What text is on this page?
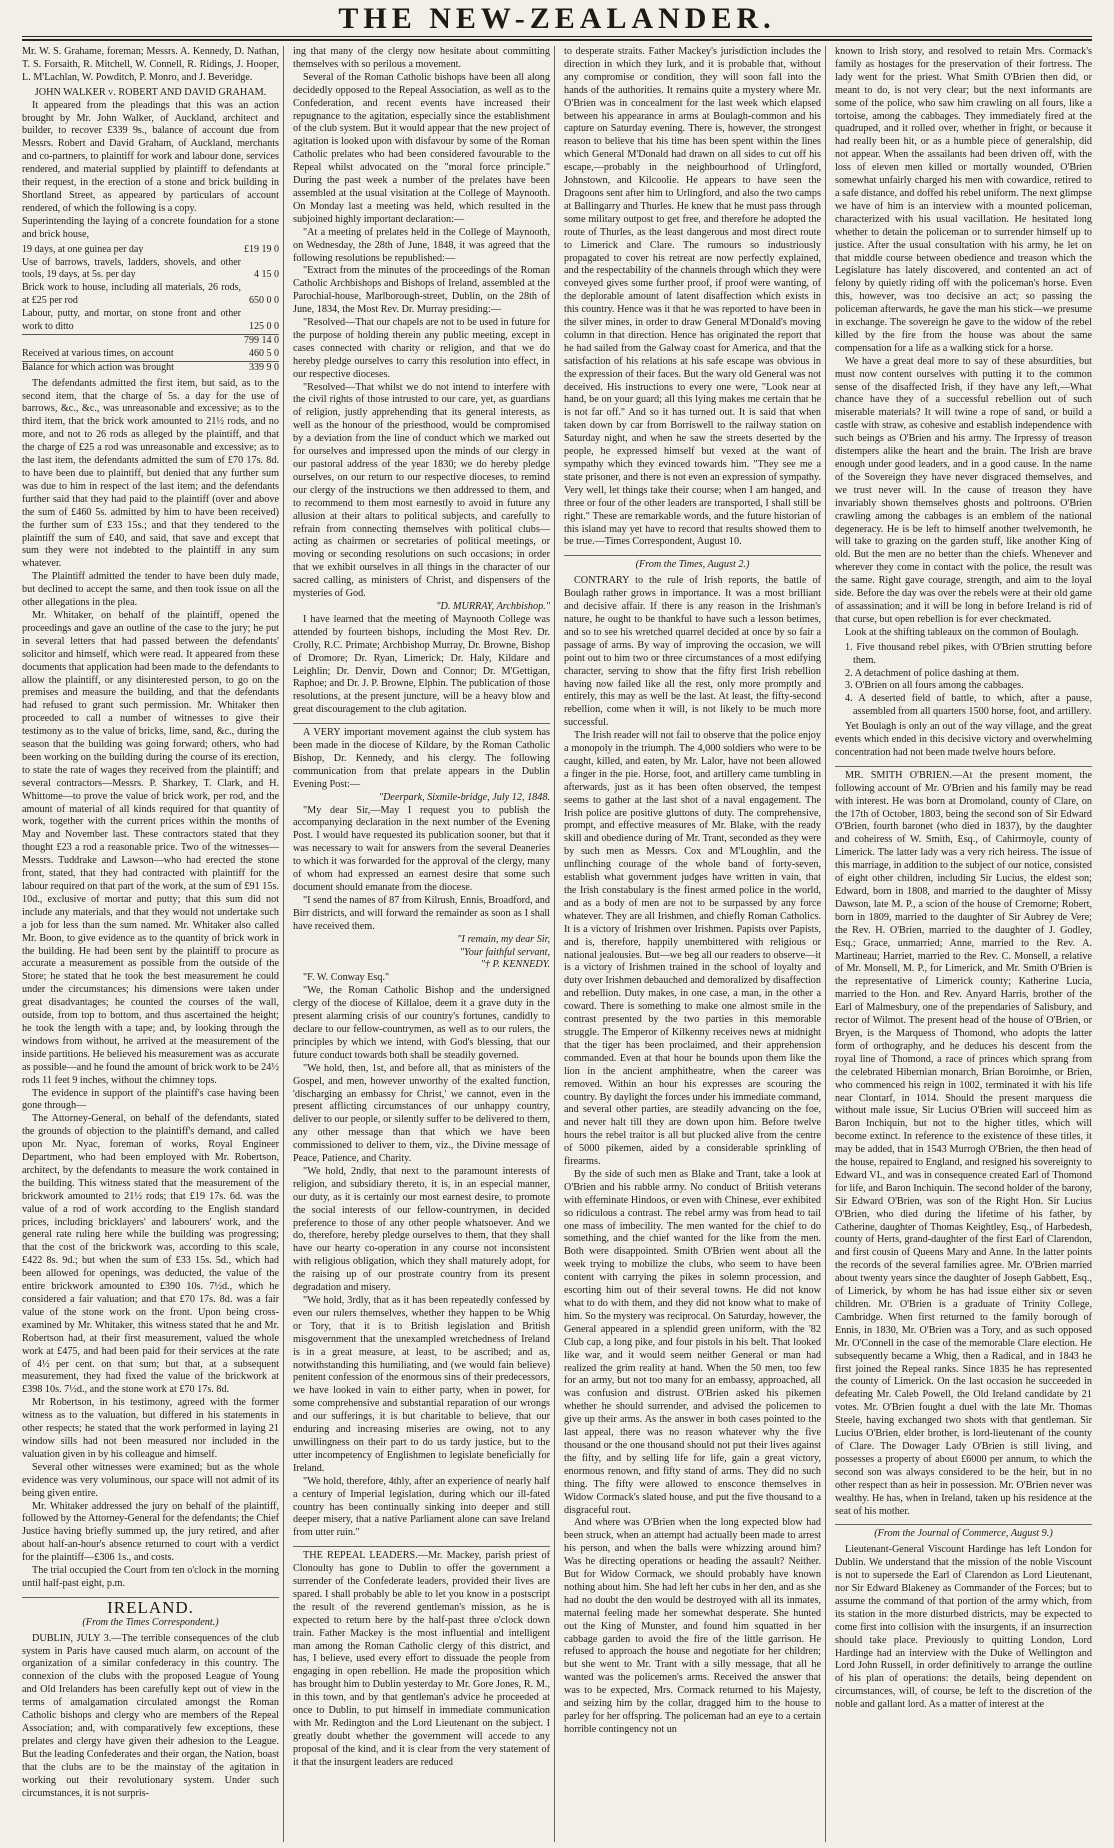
THE NEW-ZEALANDER.

Mr. W. S. Grahame, foreman; Messrs. A. Kennedy, D. Nathan, T. S. Forsaith, R. Mitchell, W. Connell, R. Ridings, J. Hooper, L. M'Lachlan, W. Powditch, P. Monro, and J. Beveridge.

JOHN WALKER v. ROBERT AND DAVID GRAHAM.

It appeared from the pleadings that this was an action brought by Mr. John Walker, of Auckland, architect and builder, to recover £339 9s., balance of account due from Messrs. Robert and David Graham, of Auckland, merchants and co-partners, to plaintiff for work and labour done, services rendered, and material supplied by plaintiff to defendants at their request, in the erection of a stone and brick building in Shortland Street, as appeared by particulars of account rendered, of which the following is a copy.

Superintending the laying of a concrete foundation for a stone and brick house,

19 days, at one guinea per day	£19 19 0
Use of barrows, travels, ladders, shovels, and other tools, 19 days, at 5s. per day	4 15 0
Brick work to house, including all materials, 26 rods, at £25 per rod	650 0 0
Labour, putty, and mortar, on stone front and other work to ditto	125 0 0
	799 14 0
Received at various times, on account	460 5 0
Balance for which action was brought	339 9 0

The defendants admitted the first item, but said, as to the second item, that the charge of 5s. a day for the use of barrows, &c., &c., was unreasonable and excessive; as to the third item, that the brick work amounted to 21½ rods, and no more, and not to 26 rods as alleged by the plaintiff, and that the charge of £25 a rod was unreasonable and excessive; as to the last item, the defendants admitted the sum of £70 17s. 8d. to have been due to plaintiff, but denied that any further sum was due to him in respect of the last item; and the defendants further said that they had paid to the plaintiff (over and above the sum of £460 5s. admitted by him to have been received) the further sum of £33 15s.; and that they tendered to the plaintiff the sum of £40, and said, that save and except that sum they were not indebted to the plaintiff in any sum whatever.

The Plaintiff admitted the tender to have been duly made, but declined to accept the same, and then took issue on all the other allegations in the plea.

Mr. Whitaker, on behalf of the plaintiff, opened the proceedings and gave an outline of the case to the jury; he put in several letters that had passed between the defendants' solicitor and himself, which were read. It appeared from these documents that application had been made to the defendants to allow the plaintiff, or any disinterested person, to go on the premises and measure the building, and that the defendants had refused to grant such permission. Mr. Whitaker then proceeded to call a number of witnesses to give their testimony as to the value of bricks, lime, sand, &c., during the season that the building was going forward; others, who had been working on the building during the course of its erection, to state the rate of wages they received from the plaintiff; and several contractors—Messrs. P. Sharkey, T. Clark, and H. Whittome—to prove the value of brick work, per rod, and the amount of material of all kinds required for that quantity of work, together with the current prices within the months of May and November last. These contractors stated that they thought £23 a rod a reasonable price. Two of the witnesses—Messrs. Tuddrake and Lawson—who had erected the stone front, stated, that they had contracted with plaintiff for the labour required on that part of the work, at the sum of £91 15s. 10d., exclusive of mortar and putty; that this sum did not include any materials, and that they would not undertake such a job for less than the sum named. Mr. Whitaker also called Mr. Boon, to give evidence as to the quantity of brick work in the building. He had been sent by the plaintiff to procure as accurate a measurement as possible from the outside of the Store; he stated that he took the best measurement he could under the circumstances; his dimensions were taken under great disadvantages; he counted the courses of the wall, outside, from top to bottom, and thus ascertained the height; he took the length with a tape; and, by looking through the windows from without, he arrived at the measurement of the inside partitions. He believed his measurement was as accurate as possible—and he found the amount of brick work to be 24½ rods 11 feet 9 inches, without the chimney tops.

The evidence in support of the plaintiff's case having been gone through—

The Attorney-General, on behalf of the defendants, stated the grounds of objection to the plaintiff's demand, and called upon Mr. Nyac, foreman of works, Royal Engineer Department, who had been employed with Mr. Robertson, architect, by the defendants to measure the work contained in the building. This witness stated that the measurement of the brickwork amounted to 21½ rods; that £19 17s. 6d. was the value of a rod of work according to the English standard prices, including bricklayers' and labourers' work, and the general rate ruling here while the building was progressing; that the cost of the brickwork was, according to this scale, £422 8s. 9d.; but when the sum of £33 15s. 5d., which had been allowed for openings, was deducted, the value of the entire brickwork amounted to £390 10s. 7½d., which he considered a fair valuation; and that £70 17s. 8d. was a fair value of the stone work on the front. Upon being cross-examined by Mr. Whitaker, this witness stated that he and Mr. Robertson had, at their first measurement, valued the whole work at £475, and had been paid for their services at the rate of 4½ per cent. on that sum; but that, at a subsequent measurement, they had fixed the value of the brickwork at £398 10s. 7½d., and the stone work at £70 17s. 8d.

Mr Robertson, in his testimony, agreed with the former witness as to the valuation, but differed in his statements in other respects; he stated that the work performed in laying 21 window sills had not been measured nor included in the valuation given in by his colleague and himself.

Several other witnesses were examined; but as the whole evidence was very voluminous, our space will not admit of its being given entire.

Mr. Whitaker addressed the jury on behalf of the plaintiff, followed by the Attorney-General for the defendants; the Chief Justice having briefly summed up, the jury retired, and after about half-an-hour's absence returned to court with a verdict for the plaintiff—£306 1s., and costs.

The trial occupied the Court from ten o'clock in the morning until half-past eight, p.m.

IRELAND.
(From the Times Correspondent.)

DUBLIN, JULY 3.—The terrible consequences of the club system in Paris have caused much alarm, on account of the organization of a similar confederacy in this country. The connexion of the clubs with the proposed League of Young and Old Irelanders has been carefully kept out of view in the terms of amalgamation circulated amongst the Roman Catholic bishops and clergy who are members of the Repeal Association; and, with comparatively few exceptions, these prelates and clergy have given their adhesion to the League. But the leading Confederates and their organ, the Nation, boast that the clubs are to be the mainstay of the agitation in working out their revolutionary system. Under such circumstances, it is not surpris-

ing that many of the clergy now hesitate about committing themselves with so perilous a movement.

Several of the Roman Catholic bishops have been all along decidedly opposed to the Repeal Association, as well as to the Confederation, and recent events have increased their repugnance to the agitation, especially since the establishment of the club system. But it would appear that the new project of agitation is looked upon with disfavour by some of the Roman Catholic prelates who had been considered favourable to the Repeal whilst advocated on the "moral force principle." During the past week a number of the prelates have been assembled at the usual visitation at the College of Maynooth. On Monday last a meeting was held, which resulted in the subjoined highly important declaration:—

"At a meeting of prelates held in the College of Maynooth, on Wednesday, the 28th of June, 1848, it was agreed that the following resolutions be republished:—

"Extract from the minutes of the proceedings of the Roman Catholic Archbishops and Bishops of Ireland, assembled at the Parochial-house, Marlborough-street, Dublin, on the 28th of June, 1834, the Most Rev. Dr. Murray presiding:—

"Resolved—That our chapels are not to be used in future for the purpose of holding therein any public meeting, except in cases connected with charity or religion, and that we do hereby pledge ourselves to carry this resolution into effect, in our respective dioceses.

"Resolved—That whilst we do not intend to interfere with the civil rights of those intrusted to our care, yet, as guardians of religion, justly apprehending that its general interests, as well as the honour of the priesthood, would be compromised by a deviation from the line of conduct which we marked out for ourselves and impressed upon the minds of our clergy in our pastoral address of the year 1830; we do hereby pledge ourselves, on our return to our respective dioceses, to remind our clergy of the instructions we then addressed to them, and to recommend to them most earnestly to avoid in future any allusion at their altars to political subjects, and carefully to refrain from connecting themselves with political clubs—acting as chairmen or secretaries of political meetings, or moving or seconding resolutions on such occasions; in order that we exhibit ourselves in all things in the character of our sacred calling, as ministers of Christ, and dispensers of the mysteries of God.

"D. MURRAY, Archbishop."

I have learned that the meeting of Maynooth College was attended by fourteen bishops, including the Most Rev. Dr. Crolly, R.C. Primate; Archbishop Murray, Dr. Browne, Bishop of Dromore; Dr. Ryan, Limerick; Dr. Haly, Kildare and Leighlin; Dr. Denvir, Down and Connor; Dr. M'Gettigan, Raphoe; and Dr. J. P. Browne, Elphin. The publication of those resolutions, at the present juncture, will be a heavy blow and great discouragement to the club agitation.

A VERY important movement against the club system has been made in the diocese of Kildare, by the Roman Catholic Bishop, Dr. Kennedy, and his clergy. The following communication from that prelate appears in the Dublin Evening Post:—

"Deerpark, Sixmile-bridge, July 12, 1848.

"My dear Sir,—May I request you to publish the accompanying declaration in the next number of the Evening Post. I would have requested its publication sooner, but that it was necessary to wait for answers from the several Deaneries to which it was forwarded for the approval of the clergy, many of whom had expressed an earnest desire that some such document should emanate from the diocese.

"I send the names of 87 from Kilrush, Ennis, Broadford, and Birr districts, and will forward the remainder as soon as I shall have received them.

"I remain, my dear Sir,

"Your faithful servant,

"† P. KENNEDY.

"F. W. Conway Esq."

"We, the Roman Catholic Bishop and the undersigned clergy of the diocese of Killaloe, deem it a grave duty in the present alarming crisis of our country's fortunes, candidly to declare to our fellow-countrymen, as well as to our rulers, the principles by which we intend, with God's blessing, that our future conduct towards both shall be steadily governed.

"We hold, then, 1st, and before all, that as ministers of the Gospel, and men, however unworthy of the exalted function, 'discharging an embassy for Christ,' we cannot, even in the present afflicting circumstances of our unhappy country, deliver to our people, or silently suffer to be delivered to them, any other message than that which we have been commissioned to deliver to them, viz., the Divine message of Peace, Patience, and Charity.

"We hold, 2ndly, that next to the paramount interests of religion, and subsidiary thereto, it is, in an especial manner, our duty, as it is certainly our most earnest desire, to promote the social interests of our fellow-countrymen, in decided preference to those of any other people whatsoever. And we do, therefore, hereby pledge ourselves to them, that they shall have our hearty co-operation in any course not inconsistent with religious obligation, which they shall maturely adopt, for the raising up of our prostrate country from its present degradation and misery.

"We hold, 3rdly, that as it has been repeatedly confessed by even our rulers themselves, whether they happen to be Whig or Tory, that it is to British legislation and British misgovernment that the unexampled wretchedness of Ireland is in a great measure, at least, to be ascribed; and as, notwithstanding this humiliating, and (we would fain believe) penitent confession of the enormous sins of their predecessors, we have looked in vain to either party, when in power, for some comprehensive and substantial reparation of our wrongs and our sufferings, it is but charitable to believe, that our enduring and increasing miseries are owing, not to any unwillingness on their part to do us tardy justice, but to the utter incompetency of Englishmen to legislate beneficially for Ireland.

"We hold, therefore, 4thly, after an experience of nearly half a century of Imperial legislation, during which our ill-fated country has been continually sinking into deeper and still deeper misery, that a native Parliament alone can save Ireland from utter ruin."

THE REPEAL LEADERS.—Mr. Mackey, parish priest of Clonoulty has gone to Dublin to offer the government a surrender of the Confederate leaders, provided their lives are spared. I shall probably be able to let you know in a postscript the result of the reverend gentleman's mission, as he is expected to return here by the half-past three o'clock down train. Father Mackey is the most influential and intelligent man among the Roman Catholic clergy of this district, and has, I believe, used every effort to dissuade the people from engaging in open rebellion. He made the proposition which has brought him to Dublin yesterday to Mr. Gore Jones, R. M., in this town, and by that gentleman's advice he proceeded at once to Dublin, to put himself in immediate communication with Mr. Redington and the Lord Lieutenant on the subject. I greatly doubt whether the government will accede to any proposal of the kind, and it is clear from the very statement of it that the insurgent leaders are reduced

to desperate straits. Father Mackey's jurisdiction includes the direction in which they lurk, and it is probable that, without any compromise or condition, they will soon fall into the hands of the authorities. It remains quite a mystery where Mr. O'Brien was in concealment for the last week which elapsed between his appearance in arms at Boulagh-common and his capture on Saturday evening. There is, however, the strongest reason to believe that his time has been spent within the lines which General M'Donald had drawn on all sides to cut off his escape,—probably in the neighbourhood of Urlingford, Johnstown, and Kilcoolie. He appears to have seen the Dragoons sent after him to Urlingford, and also the two camps at Ballingarry and Thurles. He knew that he must pass through some military outpost to get free, and therefore he adopted the route of Thurles, as the least dangerous and most direct route to Limerick and Clare. The rumours so industriously propagated to cover his retreat are now perfectly explained, and the respectability of the channels through which they were conveyed gives some further proof, if proof were wanting, of the deplorable amount of latent disaffection which exists in this country. Hence was it that he was reported to have been in the silver mines, in order to draw General M'Donald's moving column in that direction. Hence has originated the report that he had sailed from the Galway coast for America, and that the satisfaction of his relations at his safe escape was obvious in the expression of their faces. But the wary old General was not deceived. His instructions to every one were, "Look near at hand, be on your guard; all this lying makes me certain that he is not far off." And so it has turned out. It is said that when taken down by car from Borriswell to the railway station on Saturday night, and when he saw the streets deserted by the people, he expressed himself but vexed at the want of sympathy which they evinced towards him. "They see me a state prisoner, and there is not even an expression of sympathy. Very well, let things take their course; when I am hanged, and three or four of the other leaders are transported, I shall still be right." These are remarkable words, and the future historian of this island may yet have to record that results showed them to be true.—Times Correspondent, August 10.

(From the Times, August 2.)

CONTRARY to the rule of Irish reports, the battle of Boulagh rather grows in importance. It was a most brilliant and decisive affair. If there is any reason in the Irishman's nature, he ought to be thankful to have such a lesson betimes, and so to see his wretched quarrel decided at once by so fair a passage of arms. By way of improving the occasion, we will point out to him two or three circumstances of a most edifying character, serving to show that the fifty first Irish rebellion having now failed like all the rest, only more promptly and entirely, this may as well be the last. At least, the fifty-second rebellion, come when it will, is not likely to be much more successful.

The Irish reader will not fail to observe that the police enjoy a monopoly in the triumph. The 4,000 soldiers who were to be caught, killed, and eaten, by Mr. Lalor, have not been allowed a finger in the pie. Horse, foot, and artillery came tumbling in afterwards, just as it has been often observed, the tempest seems to gather at the last shot of a naval engagement. The Irish police are positive gluttons of duty. The comprehensive, prompt, and effective measures of Mr. Blake, with the ready skill and obedience during of Mr. Trant, seconded as they were by such men as Messrs. Cox and M'Loughlin, and the unflinching courage of the whole band of forty-seven, establish what government judges have written in vain, that the Irish constabulary is the finest armed police in the world, and as a body of men are not to be surpassed by any force whatever. They are all Irishmen, and chiefly Roman Catholics. It is a victory of Irishmen over Irishmen. Papists over Papists, and is, therefore, happily unembittered with religious or national jealousies. But—we beg all our readers to observe—it is a victory of Irishmen trained in the school of loyalty and duty over Irishmen debauched and demoralized by disaffection and rebellion. Duty makes, in one case, a man, in the other a coward. There is something to make one almost smile in the contrast presented by the two parties in this memorable struggle. The Emperor of Kilkenny receives news at midnight that the tiger has been proclaimed, and their apprehension commanded. Even at that hour he bounds upon them like the lion in the ancient amphitheatre, when the career was removed. Within an hour his expresses are scouring the country. By daylight the forces under his immediate command, and several other parties, are steadily advancing on the foe, and never halt till they are down upon him. Before twelve hours the rebel traitor is all but plucked alive from the centre of 5000 pikemen, aided by a considerable sprinkling of firearms.

By the side of such men as Blake and Trant, take a look at O'Brien and his rabble army. No conduct of British veterans with effeminate Hindoos, or even with Chinese, ever exhibited so ridiculous a contrast. The rebel army was from head to tail one mass of imbecility. The men wanted for the chief to do something, and the chief wanted for the like from the men. Both were disappointed. Smith O'Brien went about all the week trying to mobilize the clubs, who seem to have been content with carrying the pikes in solemn procession, and escorting him out of their several towns. He did not know what to do with them, and they did not know what to make of him. So the mystery was reciprocal. On Saturday, however, the General appeared in a splendid green uniform, with the '82 Club cap, a long pike, and four pistols in his belt. That looked like war, and it would seem neither General or man had realized the grim reality at hand. When the 50 men, too few for an army, but not too many for an embassy, approached, all was confusion and distrust. O'Brien asked his pikemen whether he should surrender, and advised the policemen to give up their arms. As the answer in both cases pointed to the last appeal, there was no reason whatever why the five thousand or the one thousand should not put their lives against the fifty, and by selling life for life, gain a great victory, enormous renown, and fifty stand of arms. They did no such thing. The fifty were allowed to ensconce themselves in Widow Cormack's slated house, and put the five thousand to a disgraceful rout.

And where was O'Brien when the long expected blow had been struck, when an attempt had actually been made to arrest his person, and when the balls were whizzing around him? Was he directing operations or heading the assault? Neither. But for Widow Cormack, we should probably have known nothing about him. She had left her cubs in her den, and as she had no doubt the den would be destroyed with all its inmates, maternal feeling made her somewhat desperate. She hunted out the King of Munster, and found him squatted in her cabbage garden to avoid the fire of the little garrison. He refused to approach the house and negotiate for her children; but she went to Mr. Trant with a silly message, that all he wanted was the policemen's arms. Received the answer that was to be expected, Mrs. Cormack returned to his Majesty, and seizing him by the collar, dragged him to the house to parley for her offspring. The policeman had an eye to a certain horrible contingency not un

known to Irish story, and resolved to retain Mrs. Cormack's family as hostages for the preservation of their fortress. The lady went for the priest. What Smith O'Brien then did, or meant to do, is not very clear; but the next informants are some of the police, who saw him crawling on all fours, like a tortoise, among the cabbages. They immediately fired at the quadruped, and it rolled over, whether in fright, or because it had really been hit, or as a humble piece of generalship, did not appear. When the assailants had been driven off, with the loss of eleven men killed or mortally wounded, O'Brien somewhat unfairly charged his men with cowardice, retired to a safe distance, and doffed his rebel uniform. The next glimpse we have of him is an interview with a mounted policeman, characterized with his usual vacillation. He hesitated long whether to detain the policeman or to surrender himself up to justice. After the usual consultation with his army, he let on that middle course between obedience and treason which the Legislature has lately discovered, and contented an act of felony by quietly riding off with the policeman's horse. Even this, however, was too decisive an act; so passing the policeman afterwards, he gave the man his stick—we presume in exchange. The sovereign he gave to the widow of the rebel killed by the fire from the house was about the same compensation for a life as a walking stick for a horse.

We have a great deal more to say of these absurdities, but must now content ourselves with putting it to the common sense of the disaffected Irish, if they have any left,—What chance have they of a successful rebellion out of such miserable materials? It will twine a rope of sand, or build a castle with straw, as cohesive and establish independence with such beings as O'Brien and his army. The Irpressy of treason distempers alike the heart and the brain. The Irish are brave enough under good leaders, and in a good cause. In the name of the Sovereign they have never disgraced themselves, and we trust never will. In the cause of treason they have invariably shown themselves ghosts and poltroons. O'Brien crawling among the cabbages is an emblem of the national degeneracy. He is be left to himself another twelvemonth, he will take to grazing on the garden stuff, like another King of old. But the men are no better than the chiefs. Whenever and wherever they come in contact with the police, the result was the same. Right gave courage, strength, and aim to the loyal side. Before the day was over the rebels were at their old game of assassination; and it will be long in before Ireland is rid of that curse, but open rebellion is for ever checkmated.

Look at the shifting tableaux on the common of Boulagh.

1. Five thousand rebel pikes, with O'Brien strutting before them.
2. A detachment of police dashing at them.
3. O'Brien on all fours among the cabbages.
4. A deserted field of battle, to which, after a pause, assembled from all quarters 1500 horse, foot, and artillery.

Yet Boulagh is only an out of the way village, and the great events which ended in this decisive victory and overwhelming concentration had not been made twelve hours before.

MR. SMITH O'BRIEN.—At the present moment, the following account of Mr. O'Brien and his family may be read with interest. He was born at Dromoland, county of Clare, on the 17th of October, 1803, being the second son of Sir Edward O'Brien, fourth baronet (who died in 1837), by the daughter and coheiress of W. Smith, Esq., of Cahirmoyle, county of Limerick. The latter lady was a very rich heiress. The issue of this marriage, in addition to the subject of our notice, consisted of eight other children, including Sir Lucius, the eldest son; Edward, born in 1808, and married to the daughter of Missy Dawson, late M. P., a scion of the house of Cremorne; Robert, born in 1809, married to the daughter of Sir Aubrey de Vere; the Rev. H. O'Brien, married to the daughter of J. Godley, Esq.; Grace, unmarried; Anne, married to the Rev. A. Martineau; Harriet, married to the Rev. C. Monsell, a relative of Mr. Monsell, M. P., for Limerick, and Mr. Smith O'Brien is the representative of Limerick county; Katherine Lucia, married to the Hon. and Rev. Anyard Harris, brother of the Earl of Malmesbury, one of the prependaries of Salisbury, and rector of Wilmot. The present head of the house of O'Brien, or Bryen, is the Marquess of Thomond, who adopts the latter form of orthography, and he deduces his descent from the royal line of Thomond, a race of princes which sprang from the celebrated Hibernian monarch, Brian Boroimhe, or Brien, who commenced his reign in 1002, terminated it with his life near Clontarf, in 1014. Should the present marquess die without male issue, Sir Lucius O'Brien will succeed him as Baron Inchiquin, but not to the higher titles, which will become extinct. In reference to the existence of these titles, it may be added, that in 1543 Murrogh O'Brien, the then head of the house, repaired to England, and resigned his sovereignty to Edward VI., and was in consequence created Earl of Thomond for life, and Baron Inchiquin. The second holder of the barony, Sir Edward O'Brien, was son of the Right Hon. Sir Lucius O'Brien, who died during the lifetime of his father, by Catherine, daughter of Thomas Keightley, Esq., of Harbedesh, county of Herts, grand-daughter of the first Earl of Clarendon, and first cousin of Queens Mary and Anne. In the latter points the records of the several families agree. Mr. O'Brien married about twenty years since the daughter of Joseph Gabbett, Esq., of Limerick, by whom he has had issue either six or seven children. Mr. O'Brien is a graduate of Trinity College, Cambridge. When first returned to the family borough of Ennis, in 1830, Mr. O'Brien was a Tory, and as such opposed Mr. O'Connell in the case of the memorable Clare election. He subsequently became a Whig, then a Radical, and in 1843 he first joined the Repeal ranks. Since 1835 he has represented the county of Limerick. On the last occasion he succeeded in defeating Mr. Caleb Powell, the Old Ireland candidate by 21 votes. Mr. O'Brien fought a duel with the late Mr. Thomas Steele, having exchanged two shots with that gentleman. Sir Lucius O'Brien, elder brother, is lord-lieutenant of the county of Clare. The Dowager Lady O'Brien is still living, and possesses a property of about £6000 per annum, to which the second son was always considered to be the heir, but in no other respect than as heir in possession. Mr. O'Brien never was wealthy. He has, when in Ireland, taken up his residence at the seat of his mother.

(From the Journal of Commerce, August 9.)

Lieutenant-General Viscount Hardinge has left London for Dublin. We understand that the mission of the noble Viscount is not to supersede the Earl of Clarendon as Lord Lieutenant, nor Sir Edward Blakeney as Commander of the Forces; but to assume the command of that portion of the army which, from its station in the more disturbed districts, may be expected to come first into collision with the insurgents, if an insurrection should take place. Previously to quitting London, Lord Hardinge had an interview with the Duke of Wellington and Lord John Russell, in order definitively to arrange the outline of his plan of operations: the details, being dependent on circumstances, will, of course, be left to the discretion of the noble and gallant lord. As a matter of interest at the
